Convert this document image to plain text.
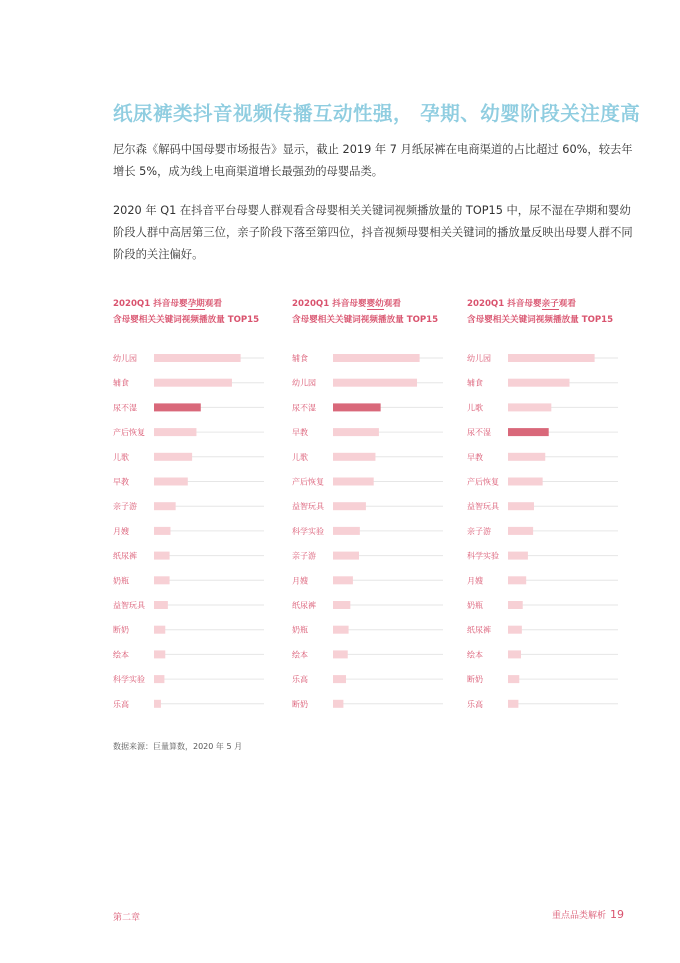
纸尿裤类抖音视频传播互动性强， 孕期、幼婴阶段关注度高

尼尔森《解码中国母婴市场报告》显示，截止 2019 年 7 月纸尿裤在电商渠道的占比超过 60%，较去年增长 5%，成为线上电商渠道增长最强劲的母婴品类。

2020 年 Q1 在抖音平台母婴人群观看含母婴相关关键词视频播放量的 TOP15 中，尿不湿在孕期和婴幼阶段人群中高居第三位，亲子阶段下落至第四位，抖音视频母婴相关关键词的播放量反映出母婴人群不同阶段的关注偏好。

2020Q1 抖音母婴孕期观看
含母婴相关关键词视频播放量 TOP15
幼儿园
辅食
尿不湿
产后恢复
儿歌
早教
亲子游
月嫂
纸尿裤
奶瓶
益智玩具
断奶
绘本
科学实验
乐高
2020Q1 抖音母婴婴幼观看
含母婴相关关键词视频播放量 TOP15
辅食
幼儿园
尿不湿
早教
儿歌
产后恢复
益智玩具
科学实验
亲子游
月嫂
纸尿裤
奶瓶
绘本
乐高
断奶
2020Q1 抖音母婴亲子观看
含母婴相关关键词视频播放量 TOP15
幼儿园
辅食
儿歌
尿不湿
早教
产后恢复
益智玩具
亲子游
科学实验
月嫂
奶瓶
纸尿裤
绘本
断奶
乐高
数据来源：巨量算数，2020 年 5 月
第二章	重点品类解析 19
